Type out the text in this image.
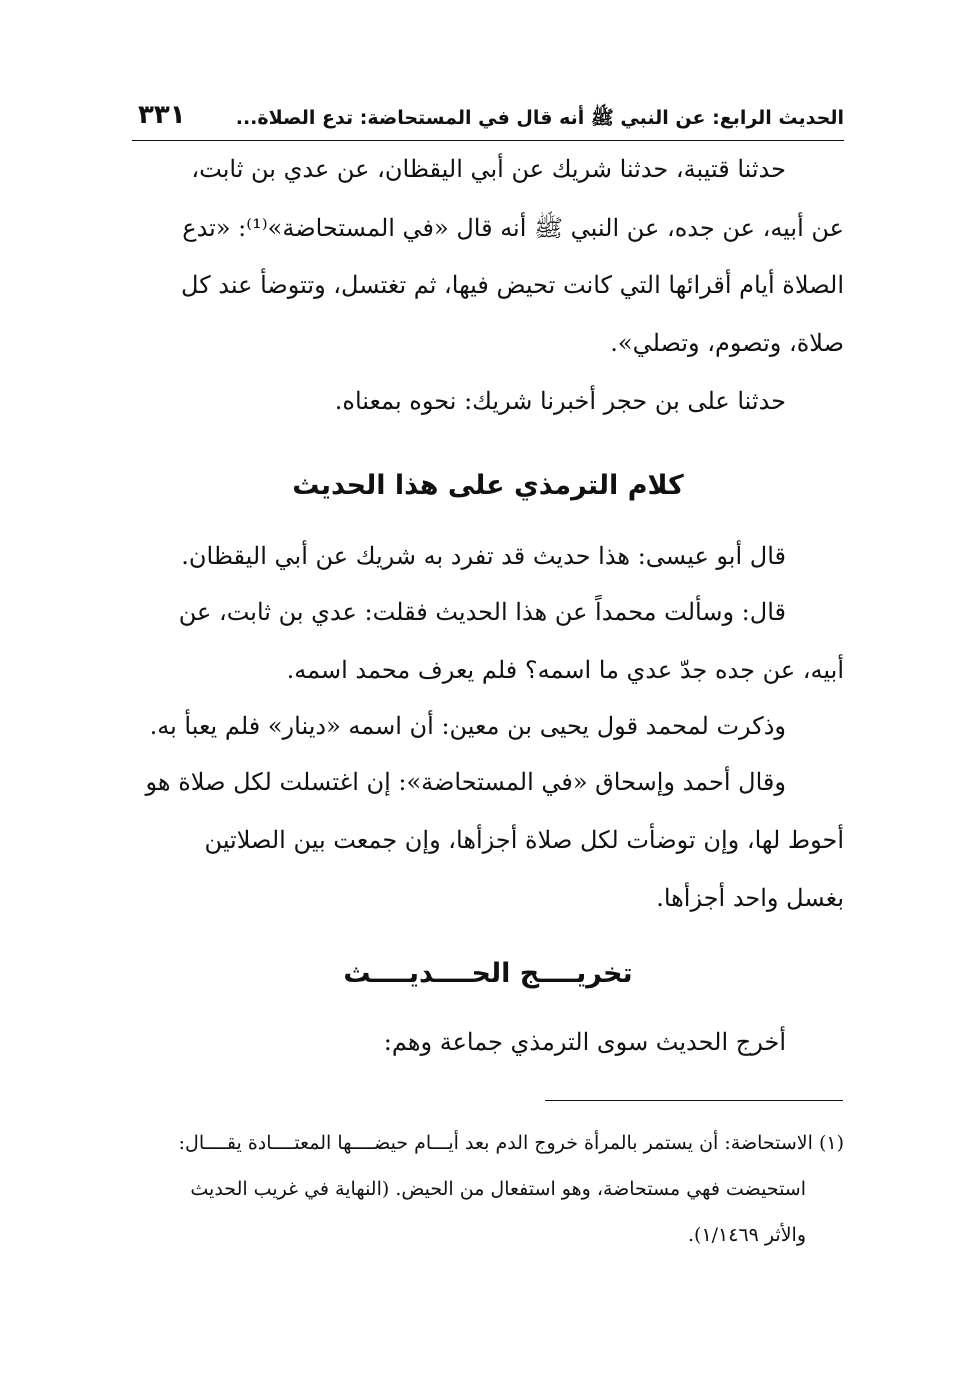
الحديث الرابع: عن النبي ﷺ أنه قال في المستحاضة: تدع الصلاة...
٣٣١
حدثنا قتيبة، حدثنا شريك عن أبي اليقظان، عن عدي بن ثابت،
عن أبيه، عن جده، عن النبي ﷺ أنه قال «في المستحاضة»⁽¹⁾: «تدع
الصلاة أيام أقرائها التي كانت تحيض فيها، ثم تغتسل، وتتوضأ عند كل
صلاة، وتصوم، وتصلي».
حدثنا على بن حجر أخبرنا شريك: نحوه بمعناه.
كلام الترمذي على هذا الحديث
قال أبو عيسى: هذا حديث قد تفرد به شريك عن أبي اليقظان.
قال: وسألت محمداً عن هذا الحديث فقلت: عدي بن ثابت، عن
أبيه، عن جده جدّ عدي ما اسمه؟ فلم يعرف محمد اسمه.
وذكرت لمحمد قول يحيى بن معين: أن اسمه «دينار» فلم يعبأ به.
وقال أحمد وإسحاق «في المستحاضة»: إن اغتسلت لكل صلاة هو
أحوط لها، وإن توضأت لكل صلاة أجزأها، وإن جمعت بين الصلاتين
بغسل واحد أجزأها.
تخريــــج الحــــديــــث
أخرج الحديث سوى الترمذي جماعة وهم:
(١) الاستحاضة: أن يستمر بالمرأة خروج الدم بعد أيـــام حيضــــها المعتــــادة يقــــال:
استحيضت فهي مستحاضة، وهو استفعال من الحيض. (النهاية في غريب الحديث
والأثر ١/١٤٦٩).
